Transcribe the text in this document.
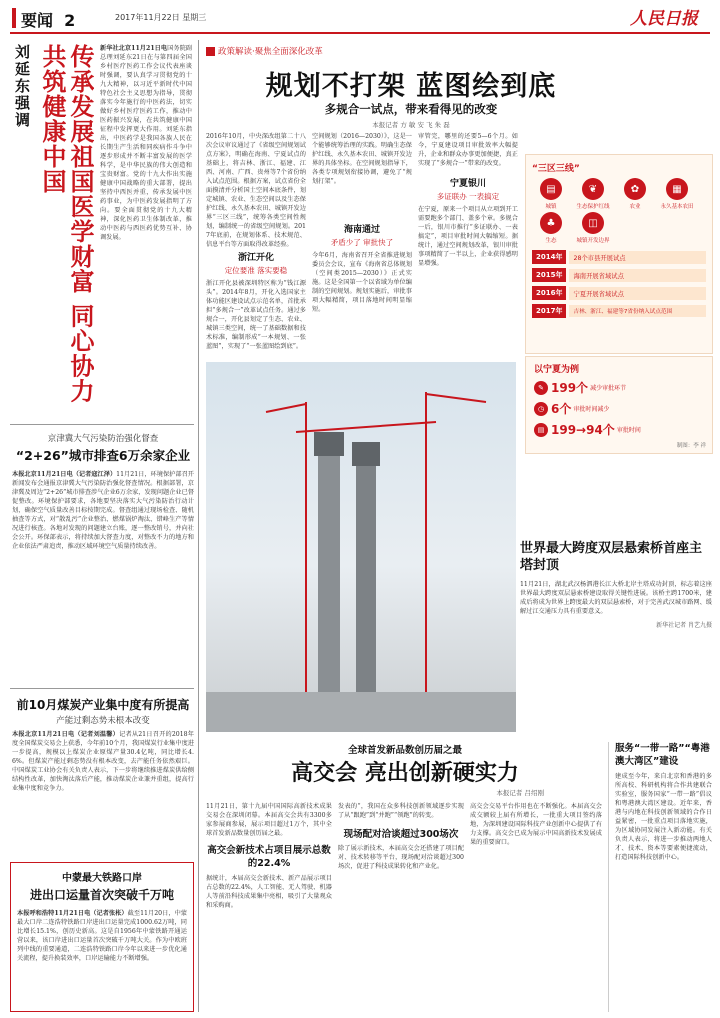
要闻 2	2017年11月22日 星期三	人民日报
刘延东强调	传承发展祖国医学财富 同心协力共筑健康中国	新华社北京11月21日电国务院副总理刘延东21日在与第四届全国乡村医疗医药工作会议代表座谈时强调，要认真学习贯彻党的十九大精神，以习近平新时代中国特色社会主义思想为指导，贯彻落实今年施行的中医药法，切实做好乡村医疗医药工作，推动中医药振兴发展，在共筑健康中国征程中发挥更大作用。刘延东指出，中医药学是我国各族人民在长期生产生活和同疾病作斗争中逐步形成并不断丰富发展的医学科学，是中华民族的伟大创造和宝贵财富。党的十九大作出实施健康中国战略的重大部署，提出坚持中西医并重，传承发展中医药事业，为中医药发展指明了方向。要全面贯彻党的十九大精神，深化医药卫生体制改革，推动中医药与西医药优势互补、协调发展。
京津冀大气污染防治强化督查
“2+26”城市排查6万余家企业
本报北京11月21日电（记者寇江泽）11月21日，环境保护部召开新闻发布会通报京津冀大气污染防治强化督查情况。根据部署，京津冀及周边“2+26”城市排查涉气企业6万余家，发现问题企业已督促整改。环境保护部要求，各地要坚决落实大气污染防治行动计划，确保空气质量改善目标按期完成。督查组通过现场检查、随机抽查等方式，对“散乱污”企业整治、燃煤锅炉淘汰、错峰生产等情况进行核查。各地对发现的问题建立台账，逐一整改销号，并向社会公开。环保部表示，将持续加大督查力度，对整改不力的地方和企业依法严肃追责，推动区域环境空气质量持续改善。
前10月煤炭产业集中度有所提高
产能过剩态势未根本改变
本报北京11月21日电（记者刘温馨）记者从21日召开的2018年度全国煤炭交易会上获悉，今年前10个月，我国煤炭行业集中度进一步提高，规模以上煤炭企业原煤产量30.4亿吨，同比增长4.6%。但煤炭产能过剩态势没有根本改变，去产能任务依然艰巨。中国煤炭工业协会有关负责人表示，下一步将继续推进煤炭供给侧结构性改革，加快淘汰落后产能，推动煤炭企业兼并重组，提高行业集中度和竞争力。
中蒙最大铁路口岸
进出口运量首次突破千万吨
本报呼和浩特11月21日电（记者张枨）截至11月20日，中蒙最大口岸二连浩特铁路口岸进出口运量完成1000.62万吨，同比增长15.1%，创历史新高。这是自1956年中蒙铁路开通运营以来，该口岸进出口运量首次突破千万吨大关。作为中欧班列中线的重要通道，二连浩特铁路口岸今年以来进一步优化通关流程，提升换装效率，口岸运输能力不断增强。
政策解读·聚焦全面深化改革
规划不打架 蓝图绘到底
多规合一试点，带来看得见的改变
本报记者 方 敏 安 飞 朱 磊
2016年10月，中央深改组第二十八次会议审议通过了《省级空间规划试点方案》，明确在海南、宁夏试点的基础上，将吉林、浙江、福建、江西、河南、广西、贵州等7个省份纳入试点范围。根据方案，试点省份全面摸清并分析国土空间本底条件，划定城镇、农业、生态空间以及生态保护红线、永久基本农田、城镇开发边界“三区三线”，统筹各类空间性规划，编制统一的省级空间规划。2017年底前，在规划体系、技术规范、信息平台等方面取得改革经验。
浙江开化
定位要准 落实要稳
浙江开化县被深圳特区称为“钱江源头”。2014年8月，开化入选国家主体功能区建设试点示范名单，首批承担“多规合一”改革试点任务。通过多规合一，开化县划定了生态、农业、城镇三类空间，统一了基础数据和技术标准，编制形成“一本规划、一张蓝图”，实现了“一张蓝图绘到底”。
空间规划（2016—2030）》，这是一个能够统筹治理的实践。明确生态保护红线、永久基本农田、城镇开发边界的具体坐标。在空间规划指导下，各类专项规划衔接协调，避免了“规划打架”。
海南通过
矛盾少了 审批快了
今年6月，海南省召开全省推进规划委员会会议，宣布《海南省总体规划（空间类2015—2030）》正式实施。这是全国第一个以省域为单位编制的空间规划。规划实施后，审批事项大幅精简，项目落地时间明显缩短。
审管完，哪里的还要5—6个月。如今，宁夏建设项目审批效率大幅提升，企业和群众办事更加便捷，真正实现了“多规合一”带来的改变。
宁夏银川
多证联办 一表搞定
在宁夏，原来一个项目从立项到开工需要跑多个部门、盖多个章。多规合一后，银川市推行“多证联办、一表搞定”，项目审批时间大幅缩短。据统计，通过空间规划改革，银川审批事项精简了一半以上，企业获得感明显增强。
“三区三线”
▤
城镇
❦
生态保护红线
✿
农业
▦
永久基本农田
♣
生态
◫
城镇开发边界
2014年	28个市县开展试点
2015年	海南开展省域试点
2016年	宁夏开展省域试点
2017年	吉林、浙江、福建等7省份纳入试点范围
以宁夏为例
✎ 199个 减少审批环节
◷ 6个 审批时间减少
▤ 199→94个 审批时间
制图：李 祥
世界最大跨度双层悬索桥首座主塔封顶
11月21日，湖北武汉杨泗港长江大桥北岸主塔成功封顶，标志着这座世界最大跨度双层悬索桥建设取得关键性进展。该桥主跨1700米，建成后将成为世界上跨度最大的双层悬索桥，对于完善武汉城市路网、缓解过江交通压力具有重要意义。
新华社记者 肖艺九摄
服务“一带一路”“粤港澳大湾区”建设
建成至今年，来自北京和香港的多所高校、科研机构将合作共建联合实验室，服务国家“一带一路”倡议和粤港澳大湾区建设。近年来，香港与内地在科技创新领域的合作日益紧密，一批重点项目落地实施，为区域协同发展注入新动能。有关负责人表示，将进一步推动两地人才、技术、资本等要素便捷流动，打造国际科技创新中心。
全球首发新品数创历届之最
高交会 亮出创新硬实力
本报记者 吕绍刚
11月21日，第十九届中国国际高新技术成果交易会在深圳闭幕。本届高交会共有3300多家参展商参展，展示项目超过1万个，其中全球首发新品数量创历届之最。
高交会新技术占项目展示总数的22.4%
据统计，本届高交会新技术、新产品展示项目占总数的22.4%，人工智能、无人驾驶、机器人等前沿科技成果集中亮相，吸引了大量观众和采购商。
发表的“，我国在众多科技创新领域逐步实现了从“跟跑”到“并跑”“领跑”的转变。
现场配对洽谈超过300场次
除了展示新技术，本届高交会还搭建了项目配对、技术转移等平台，现场配对洽谈超过300场次，促进了科技成果转化和产业化。
高交会交易平台作用也在不断强化。本届高交会成交额较上届有所增长，一批重大项目签约落地，为深圳建设国际科技产业创新中心提供了有力支撑。高交会已成为展示中国高新技术发展成果的重要窗口。
